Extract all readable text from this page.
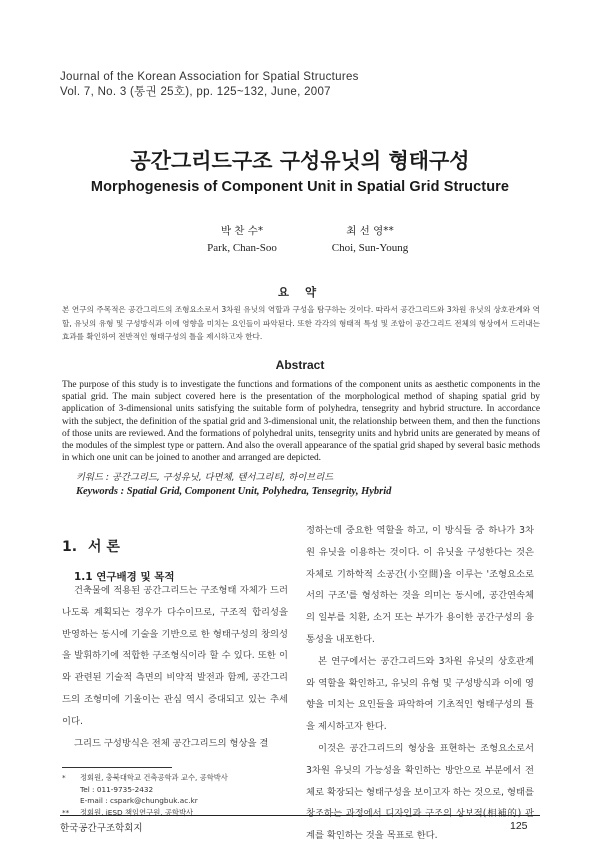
Journal of the Korean Association for Spatial Structures
Vol. 7, No. 3 (통권 25호), pp. 125~132, June, 2007
공간그리드구조 구성유닛의 형태구성
Morphogenesis of Component Unit in Spatial Grid Structure
박 찬 수*
Park, Chan-Soo
최 선 영**
Choi, Sun-Young
요 약
본 연구의 주목적은 공간그리드의 조형요소로서 3차원 유닛의 역할과 구성을 탐구하는 것이다. 따라서 공간그리드와 3차원 유닛의 상호관계와 역할, 유닛의 유형 및 구성방식과 이에 영향을 미치는 요인들이 파악된다. 또한 각각의 형태적 특성 및 조합이 공간그리드 전체의 형상에서 드러내는 효과를 확인하여 전반적인 형태구성의 틀을 제시하고자 한다.
Abstract
The purpose of this study is to investigate the functions and formations of the component units as aesthetic components in the spatial grid. The main subject covered here is the presentation of the morphological method of shaping spatial grid by application of 3-dimensional units satisfying the suitable form of polyhedra, tensegrity and hybrid structure. In accordance with the subject, the definition of the spatial grid and 3-dimensional unit, the relationship between them, and then the functions of those units are reviewed. And the formations of polyhedral units, tensegrity units and hybrid units are generated by means of the modules of the simplest type or pattern. And also the overall appearance of the spatial grid shaped by several basic methods in which one unit can be joined to another and arranged are depicted.
키워드 : 공간그리드, 구성유닛, 다면체, 텐서그리티, 하이브리드
Keywords : Spatial Grid, Component Unit, Polyhedra, Tensegrity, Hybrid
1. 서 론
1.1 연구배경 및 목적

건축물에 적용된 공간그리드는 구조형태 자체가 드러나도록 계획되는 경우가 다수이므로, 구조적 합리성을 반영하는 동시에 기술을 기반으로 한 형태구성의 창의성을 발휘하기에 적합한 구조형식이라 할 수 있다. 또한 이와 관련된 기술적 측면의 비약적 발전과 함께, 공간그리드의 조형미에 기울이는 관심 역시 증대되고 있는 추세이다.

그리드 구성방식은 전체 공간그리드의 형상을 결

정하는데 중요한 역할을 하고, 이 방식들 중 하나가 3차원 유닛을 이용하는 것이다. 이 유닛을 구성한다는 것은 자체로 기하학적 소공간(小空間)을 이루는 '조형요소로서의 구조'를 형성하는 것을 의미는 동시에, 공간연속체의 일부를 치환, 소거 또는 부가가 용이한 공간구성의 융통성을 내포한다.

본 연구에서는 공간그리드와 3차원 유닛의 상호관계와 역할을 확인하고, 유닛의 유형 및 구성방식과 이에 영향을 미치는 요인들을 파악하여 기초적인 형태구성의 틀을 제시하고자 한다.

이것은 공간그리드의 형상을 표현하는 조형요소로서 3차원 유닛의 가능성을 확인하는 방안으로 부분에서 전체로 확장되는 형태구성을 보이고자 하는 것으로, 형태를 창조하는 과정에서 디자인과 구조의 상보적(相補的) 관계를 확인하는 것을 목표로 한다.

*	정회원, 충북대학교 건축공학과 교수, 공학박사
Tel : 011-9735-2432
E-mail : cspark@chungbuk.ac.kr
**	정회원, iESD 책임연구원, 공학박사
한국공간구조학회지	125
